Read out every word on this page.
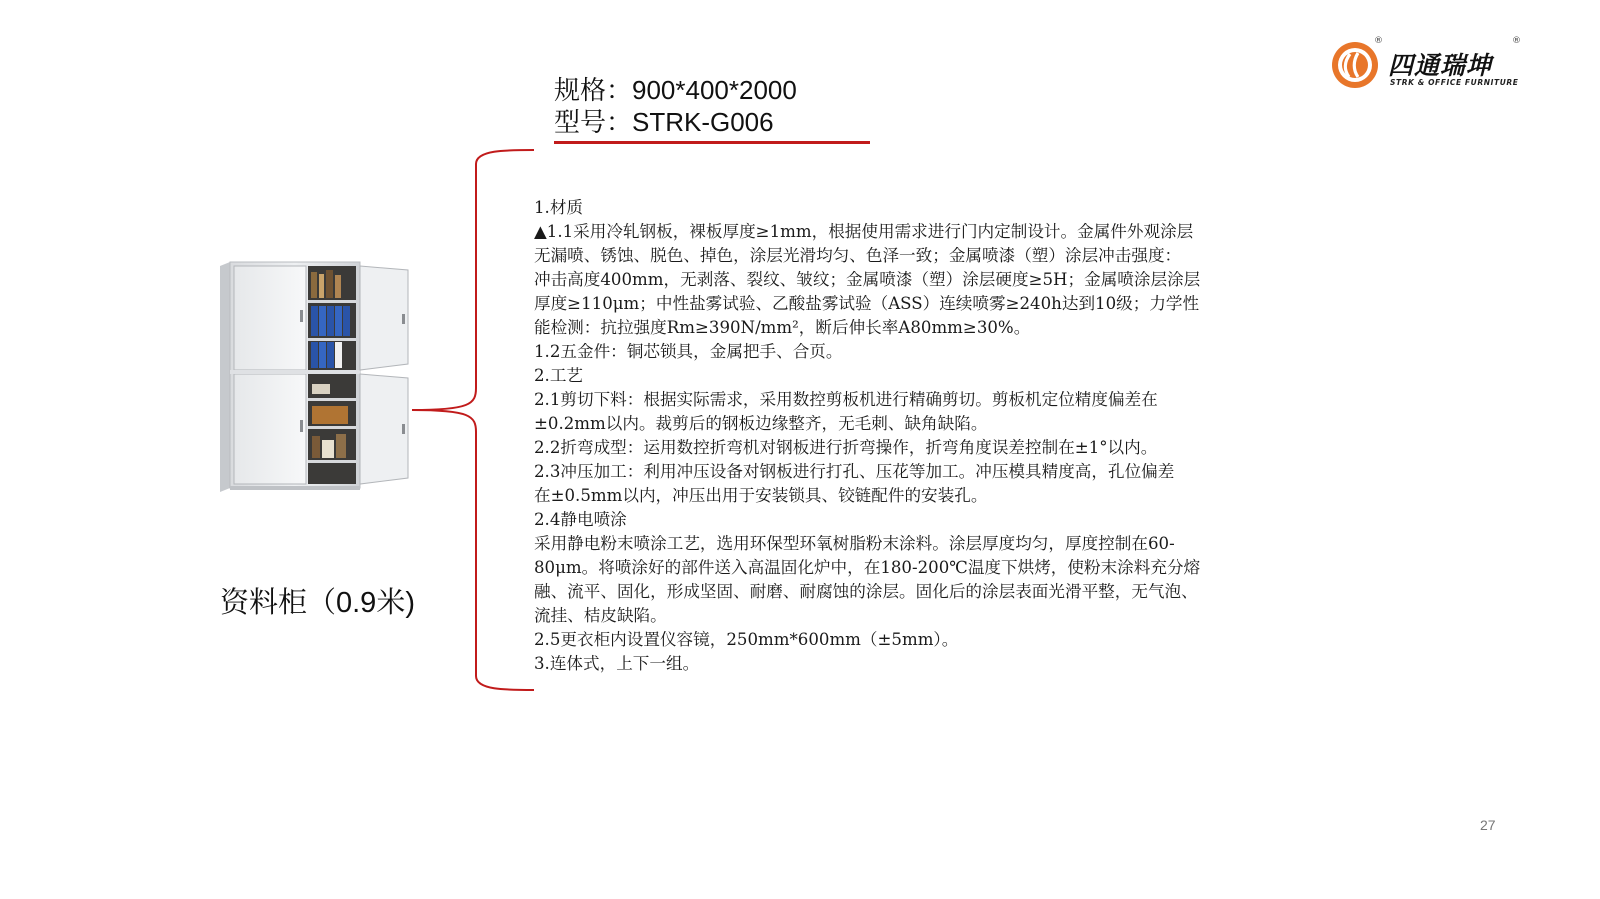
®
四通瑞坤
®
STRK & OFFICE FURNITURE
规格：900*400*2000
型号：STRK-G006
资料柜（0.9米)
1.材质
▲1.1采用冷轧钢板，裸板厚度≥1mm，根据使用需求进行门内定制设计。金属件外观涂层
无漏喷、锈蚀、脱色、掉色，涂层光滑均匀、色泽一致；金属喷漆（塑）涂层冲击强度：
冲击高度400mm，无剥落、裂纹、皱纹；金属喷漆（塑）涂层硬度≥5H；金属喷涂层涂层
厚度≥110μm；中性盐雾试验、乙酸盐雾试验（ASS）连续喷雾≥240h达到10级；力学性
能检测：抗拉强度Rm≥390N/mm²，断后伸长率A80mm≥30%。
1.2五金件：铜芯锁具，金属把手、合页。
2.工艺
2.1剪切下料：根据实际需求，采用数控剪板机进行精确剪切。剪板机定位精度偏差在
±0.2mm以内。裁剪后的钢板边缘整齐，无毛刺、缺角缺陷。
2.2折弯成型：运用数控折弯机对钢板进行折弯操作，折弯角度误差控制在±1°以内。
2.3冲压加工：利用冲压设备对钢板进行打孔、压花等加工。冲压模具精度高，孔位偏差
在±0.5mm以内，冲压出用于安装锁具、铰链配件的安装孔。
2.4静电喷涂
采用静电粉末喷涂工艺，选用环保型环氧树脂粉末涂料。涂层厚度均匀，厚度控制在60-
80μm。将喷涂好的部件送入高温固化炉中，在180-200℃温度下烘烤，使粉末涂料充分熔
融、流平、固化，形成坚固、耐磨、耐腐蚀的涂层。固化后的涂层表面光滑平整，无气泡、
流挂、桔皮缺陷。
2.5更衣柜内设置仪容镜，250mm*600mm（±5mm）。
3.连体式，上下一组。
27
